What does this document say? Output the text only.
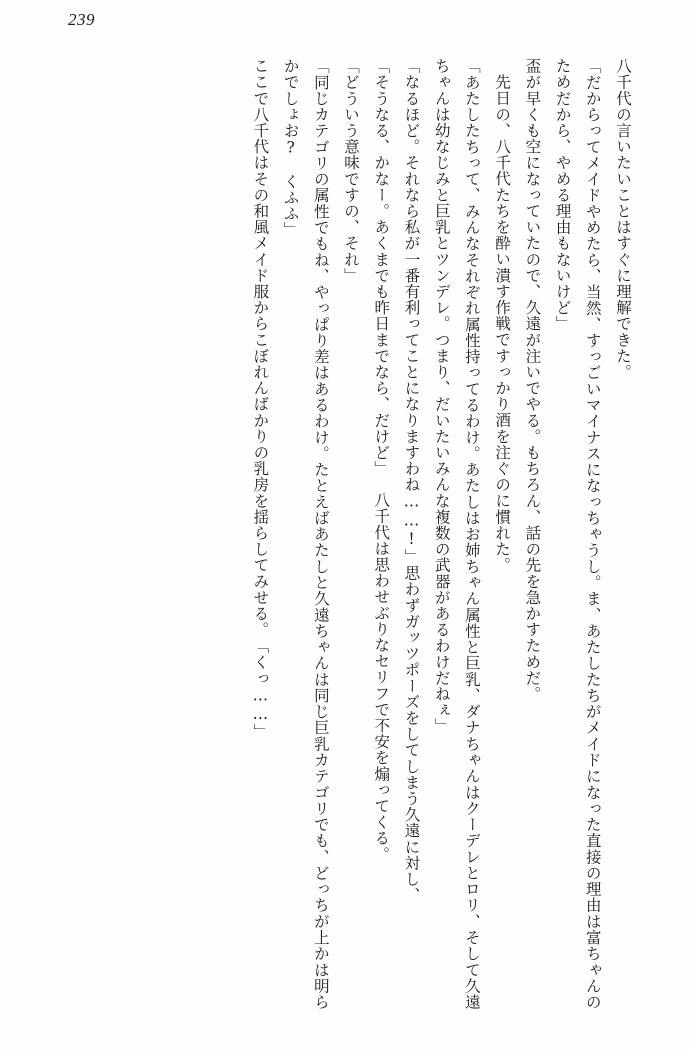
239

八千代の言いたいことはすぐに理解できた。

「だからってメイドやめたら、当然、すっごいマイナスになっちゃうし。ま、あたしたちがメイドになった直接の理由は富ちゃんのためだから、やめる理由もないけど」

盃が早くも空になっていたので、久遠が注いでやる。もちろん、話の先を急かすためだ。

先日の、八千代たちを酔い潰す作戦ですっかり酒を注ぐのに慣れた。

「あたしたちって、みんなそれぞれ属性持ってるわけ。あたしはお姉ちゃん属性と巨乳、ダナちゃんはクーデレとロリ、そして久遠ちゃんは幼なじみと巨乳とツンデレ。つまり、だいたいみんな複数の武器があるわけだねぇ」

「なるほど。それなら私が一番有利ってことになりますわね……!」

思わずガッツポーズをしてしまう久遠に対し、

「そうなる、かなー。あくまでも昨日までなら、だけど」

八千代は思わせぶりなセリフで不安を煽ってくる。

「どういう意味ですの、それ」

「同じカテゴリの属性でもね、やっぱり差はあるわけ。たとえばあたしと久遠ちゃんは同じ巨乳カテゴリでも、どっちが上かは明らかでしょお?　くふふ」

ここで八千代はその和風メイド服からこぼれんばかりの乳房を揺らしてみせる。

「くっ……」
